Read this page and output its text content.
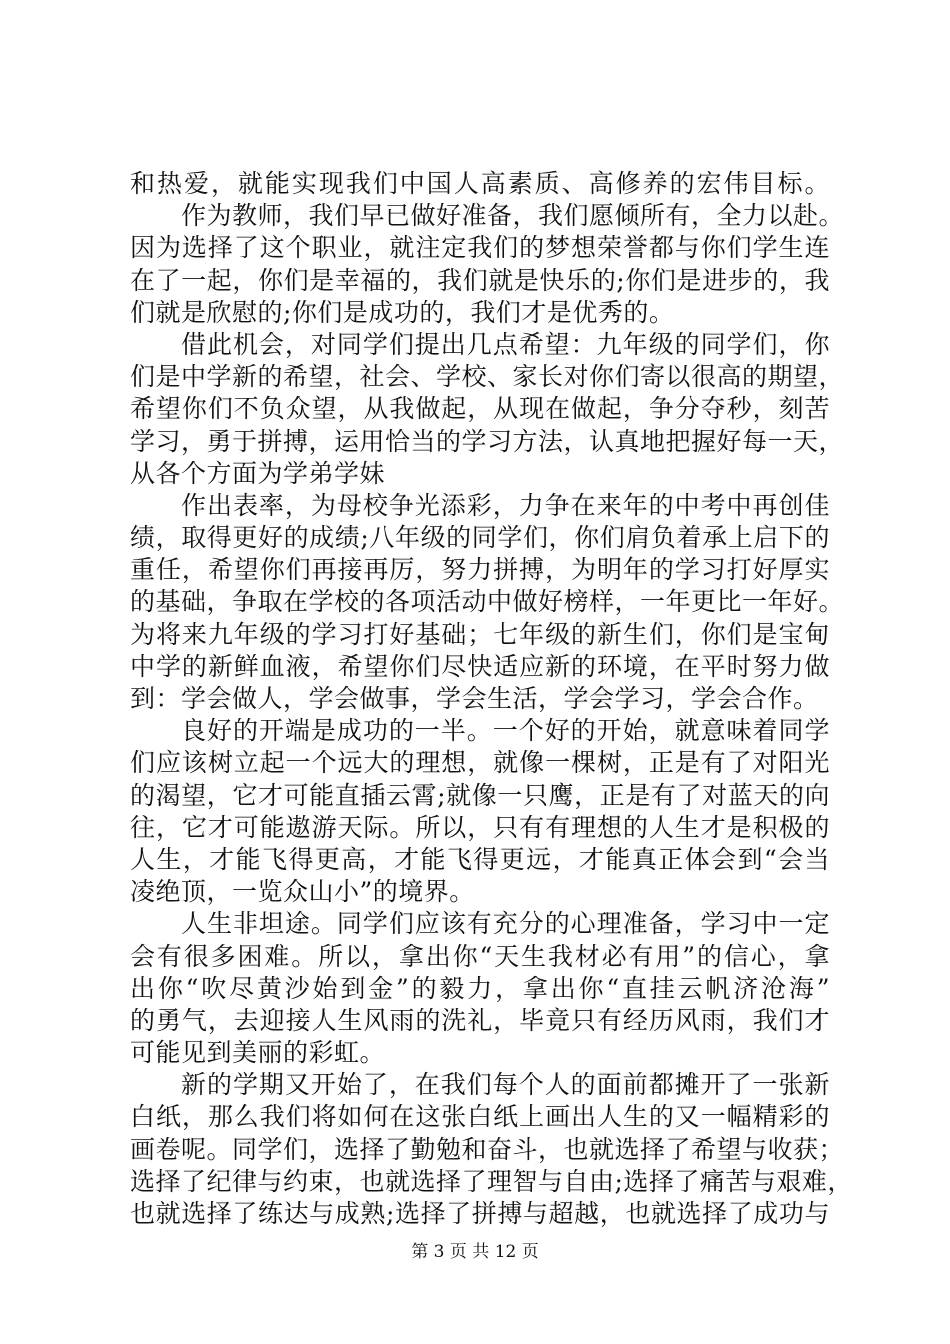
和热爱，就能实现我们中国人高素质、高修养的宏伟目标。
作为教师，我们早已做好准备，我们愿倾所有，全力以赴。
因为选择了这个职业，就注定我们的梦想荣誉都与你们学生连
在了一起，你们是幸福的，我们就是快乐的;你们是进步的，我
们就是欣慰的;你们是成功的，我们才是优秀的。
借此机会，对同学们提出几点希望：九年级的同学们，你
们是中学新的希望，社会、学校、家长对你们寄以很高的期望，
希望你们不负众望，从我做起，从现在做起，争分夺秒，刻苦
学习，勇于拼搏，运用恰当的学习方法，认真地把握好每一天，
从各个方面为学弟学妹
作出表率，为母校争光添彩，力争在来年的中考中再创佳
绩，取得更好的成绩;八年级的同学们，你们肩负着承上启下的
重任，希望你们再接再厉，努力拼搏，为明年的学习打好厚实
的基础，争取在学校的各项活动中做好榜样，一年更比一年好。
为将来九年级的学习打好基础；七年级的新生们，你们是宝甸
中学的新鲜血液，希望你们尽快适应新的环境，在平时努力做
到：学会做人，学会做事，学会生活，学会学习，学会合作。
良好的开端是成功的一半。一个好的开始，就意味着同学
们应该树立起一个远大的理想，就像一棵树，正是有了对阳光
的渴望，它才可能直插云霄;就像一只鹰，正是有了对蓝天的向
往，它才可能遨游天际。所以，只有有理想的人生才是积极的
人生，才能飞得更高，才能飞得更远，才能真正体会到“会当
凌绝顶，一览众山小”的境界。
人生非坦途。同学们应该有充分的心理准备，学习中一定
会有很多困难。所以，拿出你“天生我材必有用”的信心，拿
出你“吹尽黄沙始到金”的毅力，拿出你“直挂云帆济沧海”
的勇气，去迎接人生风雨的洗礼，毕竟只有经历风雨，我们才
可能见到美丽的彩虹。
新的学期又开始了，在我们每个人的面前都摊开了一张新
白纸，那么我们将如何在这张白纸上画出人生的又一幅精彩的
画卷呢。同学们，选择了勤勉和奋斗，也就选择了希望与收获；
选择了纪律与约束，也就选择了理智与自由;选择了痛苦与艰难，
也就选择了练达与成熟;选择了拼搏与超越，也就选择了成功与
第 3 页 共 12 页
